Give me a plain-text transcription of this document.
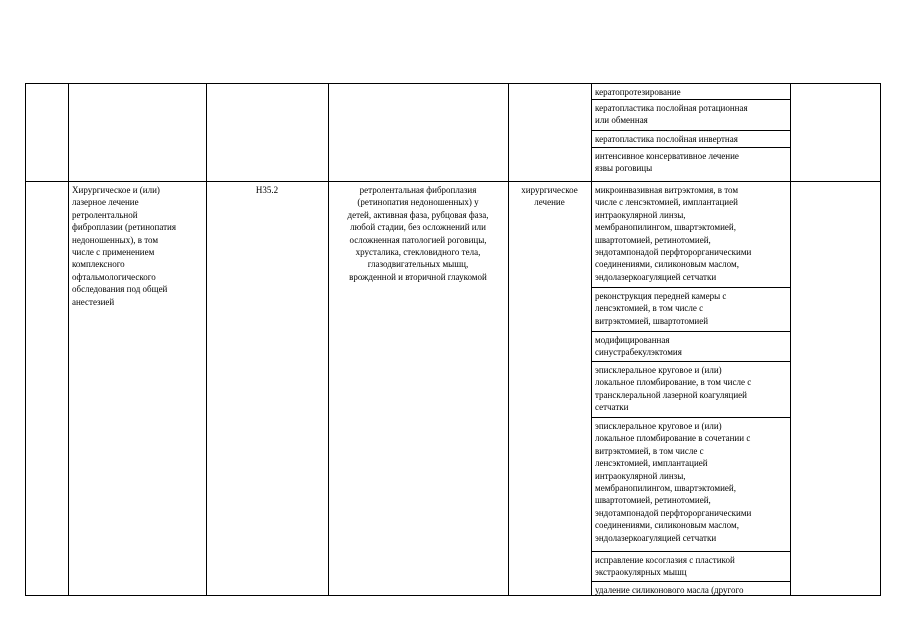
кератопротезирование
кератопластика послойная ротационная
или обменная
кератопластика послойная инвертная
интенсивное консервативное лечение
язвы роговицы
Хирургическое и (или)
лазерное лечение
ретролентальной
фиброплазии (ретинопатия
недоношенных), в том
числе с применением
комплексного
офтальмологического
обследования под общей
анестезией
H35.2	ретролентальная фиброплазия
(ретинопатия недоношенных) у
детей, активная фаза, рубцовая фаза,
любой стадии, без осложнений или
осложненная патологией роговицы,
хрусталика, стекловидного тела,
глазодвигательных мышц,
врожденной и вторичной глаукомой
хирургическое
лечение
микроинвазивная витрэктомия, в том
числе с ленсэктомией, имплантацией
интраокулярной линзы,
мембранопилингом, швартэктомией,
швартотомией, ретинотомией,
эндотампонадой перфторорганическими
соединениями, силиконовым маслом,
эндолазеркоагуляцией сетчатки
реконструкция передней камеры с
ленсэктомией, в том числе с
витрэктомией, швартотомией
модифицированная
синустрабекулэктомия
эписклеральное круговое и (или)
локальное пломбирование, в том числе с
трансклеральной лазерной коагуляцией
сетчатки
эписклеральное круговое и (или)
локальное пломбирование в сочетании с
витрэктомией, в том числе с
ленсэктомией, имплантацией
интраокулярной линзы,
мембранопилингом, швартэктомией,
швартотомией, ретинотомией,
эндотампонадой перфторорганическими
соединениями, силиконовым маслом,
эндолазеркоагуляцией сетчатки
исправление косоглазия с пластикой
экстраокулярных мышц
удаление силиконового масла (другого
